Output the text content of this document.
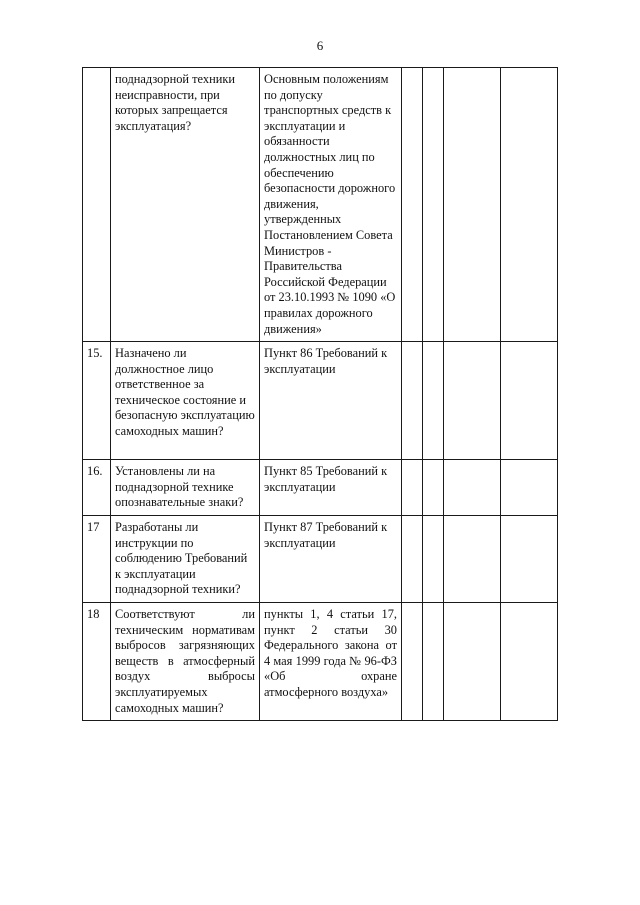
6

	поднадзорной техники неисправности, при которых запрещается эксплуатация?	Основным положениям по допуску транспортных средств к эксплуатации и обязанности должностных лиц по обеспечению безопасности дорожного движения, утвержденных Постановлением Совета Министров - Правительства Российской Федерации от 23.10.1993 № 1090 «О правилах дорожного движения»				

15.	Назначено ли должностное лицо ответственное за техническое состояние и безопасную эксплуатацию самоходных машин?	Пункт 86 Требований к эксплуатации				

16.	Установлены ли на поднадзорной технике опознавательные знаки?	Пункт 85 Требований к эксплуатации				

17	Разработаны ли инструкции по соблюдению Требований к эксплуатации поднадзорной техники?	Пункт 87 Требований к эксплуатации				

18	Соответствуют ли техническим нормативам выбросов загрязняющих веществ в атмосферный воздух выбросы эксплуатируемых самоходных машин?	пункты 1, 4 статьи 17, пункт 2 статьи 30 Федерального закона от 4 мая 1999 года № 96-ФЗ «Об охране атмосферного воздуха»				
